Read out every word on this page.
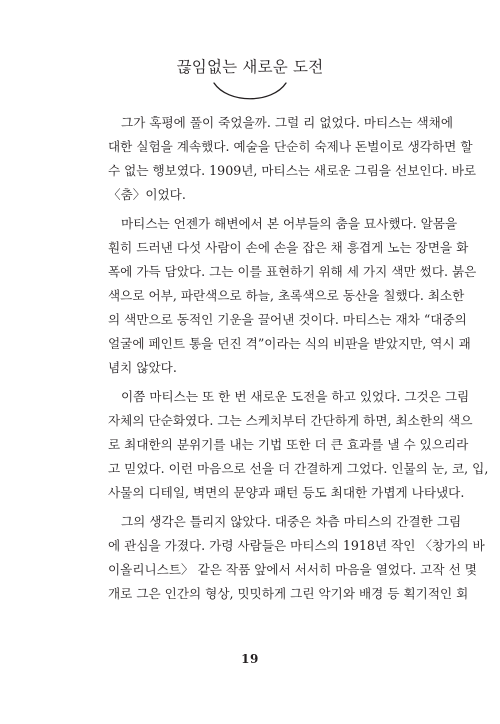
끊임없는 새로운 도전
그가 혹평에 풀이 죽었을까. 그럴 리 없었다. 마티스는 색채에
대한 실험을 계속했다. 예술을 단순히 숙제나 돈벌이로 생각하면 할
수 없는 행보였다. 1909년, 마티스는 새로운 그림을 선보인다. 바로
〈춤〉이었다.
마티스는 언젠가 해변에서 본 어부들의 춤을 묘사했다. 알몸을
훤히 드러낸 다섯 사람이 손에 손을 잡은 채 흥겹게 노는 장면을 화
폭에 가득 담았다. 그는 이를 표현하기 위해 세 가지 색만 썼다. 붉은
색으로 어부, 파란색으로 하늘, 초록색으로 동산을 칠했다. 최소한
의 색만으로 동적인 기운을 끌어낸 것이다. 마티스는 재차 “대중의
얼굴에 페인트 통을 던진 격”이라는 식의 비판을 받았지만, 역시 괘
념치 않았다.
이쯤 마티스는 또 한 번 새로운 도전을 하고 있었다. 그것은 그림
자체의 단순화였다. 그는 스케치부터 간단하게 하면, 최소한의 색으
로 최대한의 분위기를 내는 기법 또한 더 큰 효과를 낼 수 있으리라
고 믿었다. 이런 마음으로 선을 더 간결하게 그었다. 인물의 눈, 코, 입,
사물의 디테일, 벽면의 문양과 패턴 등도 최대한 가볍게 나타냈다.
그의 생각은 틀리지 않았다. 대중은 차츰 마티스의 간결한 그림
에 관심을 가졌다. 가령 사람들은 마티스의 1918년 작인 〈창가의 바
이올리니스트〉 같은 작품 앞에서 서서히 마음을 열었다. 고작 선 몇
개로 그은 인간의 형상, 밋밋하게 그린 악기와 배경 등 획기적인 회
19
